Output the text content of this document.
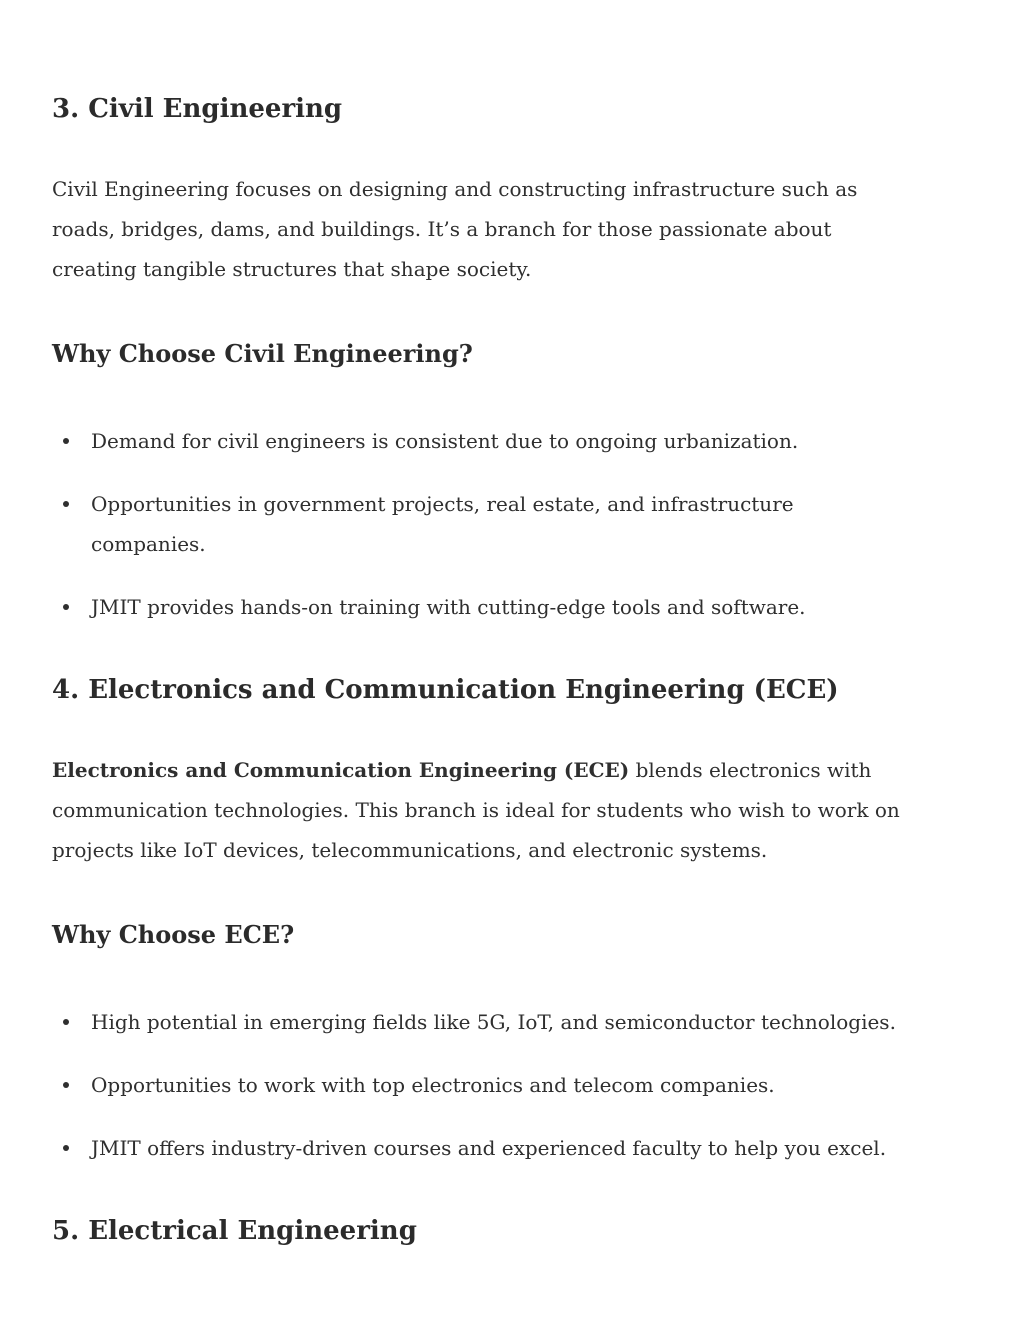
3. Civil Engineering

Civil Engineering focuses on designing and constructing infrastructure such as
roads, bridges, dams, and buildings. It’s a branch for those passionate about
creating tangible structures that shape society.

Why Choose Civil Engineering?
Demand for civil engineers is consistent due to ongoing urbanization.
Opportunities in government projects, real estate, and infrastructure
companies.
JMIT provides hands-on training with cutting-edge tools and software.
4. Electronics and Communication Engineering (ECE)

Electronics and Communication Engineering (ECE) blends electronics with
communication technologies. This branch is ideal for students who wish to work on
projects like IoT devices, telecommunications, and electronic systems.

Why Choose ECE?
High potential in emerging fields like 5G, IoT, and semiconductor technologies.
Opportunities to work with top electronics and telecom companies.
JMIT offers industry-driven courses and experienced faculty to help you excel.
5. Electrical Engineering
